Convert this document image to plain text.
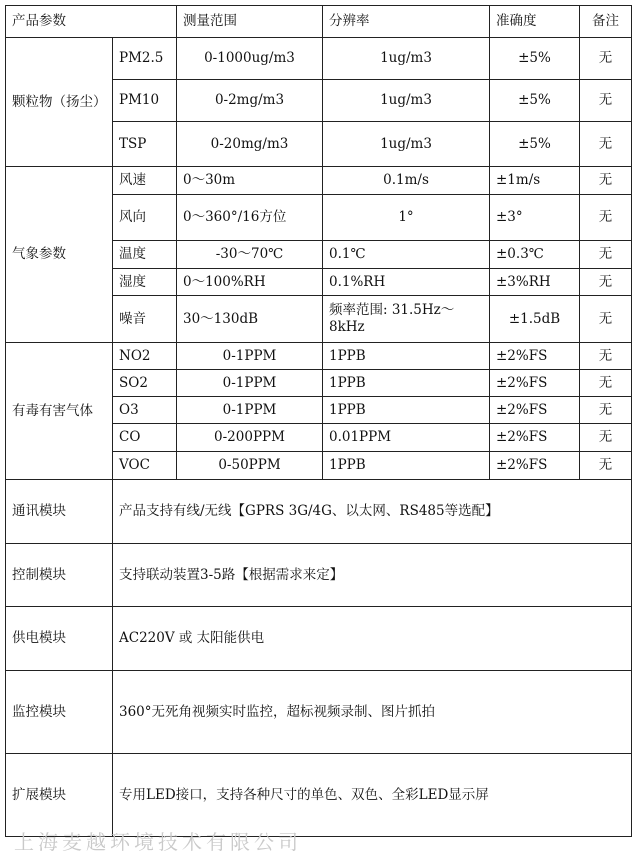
产品参数		测量范围	分辨率	准确度	备注
颗粒物（扬尘）	PM2.5	0-1000ug/m3	1ug/m3	±5%	无
	PM10	0-2mg/m3	1ug/m3	±5%	无
	TSP	0-20mg/m3	1ug/m3	±5%	无
气象参数	风速	0～30m	0.1m/s	±1m/s	无
	风向	0～360°/16方位	1°	±3°	无
	温度	-30～70℃	0.1℃	±0.3℃	无
	湿度	0～100%RH	0.1%RH	±3%RH	无
	噪音	30～130dB	频率范围: 31.5Hz～8kHz	±1.5dB	无
有毒有害气体	NO2	0-1PPM	1PPB	±2%FS	无
	SO2	0-1PPM	1PPB	±2%FS	无
	O3	0-1PPM	1PPB	±2%FS	无
	CO	0-200PPM	0.01PPM	±2%FS	无
	VOC	0-50PPM	1PPB	±2%FS	无
通讯模块	产品支持有线/无线【GPRS 3G/4G、以太网、RS485等选配】				
控制模块	支持联动装置3-5路【根据需求来定】				
供电模块	AC220V 或 太阳能供电				
监控模块	360°无死角视频实时监控，超标视频录制、图片抓拍				
扩展模块	专用LED接口，支持各种尺寸的单色、双色、全彩LED显示屏				
上海麦越环境技术有限公司
